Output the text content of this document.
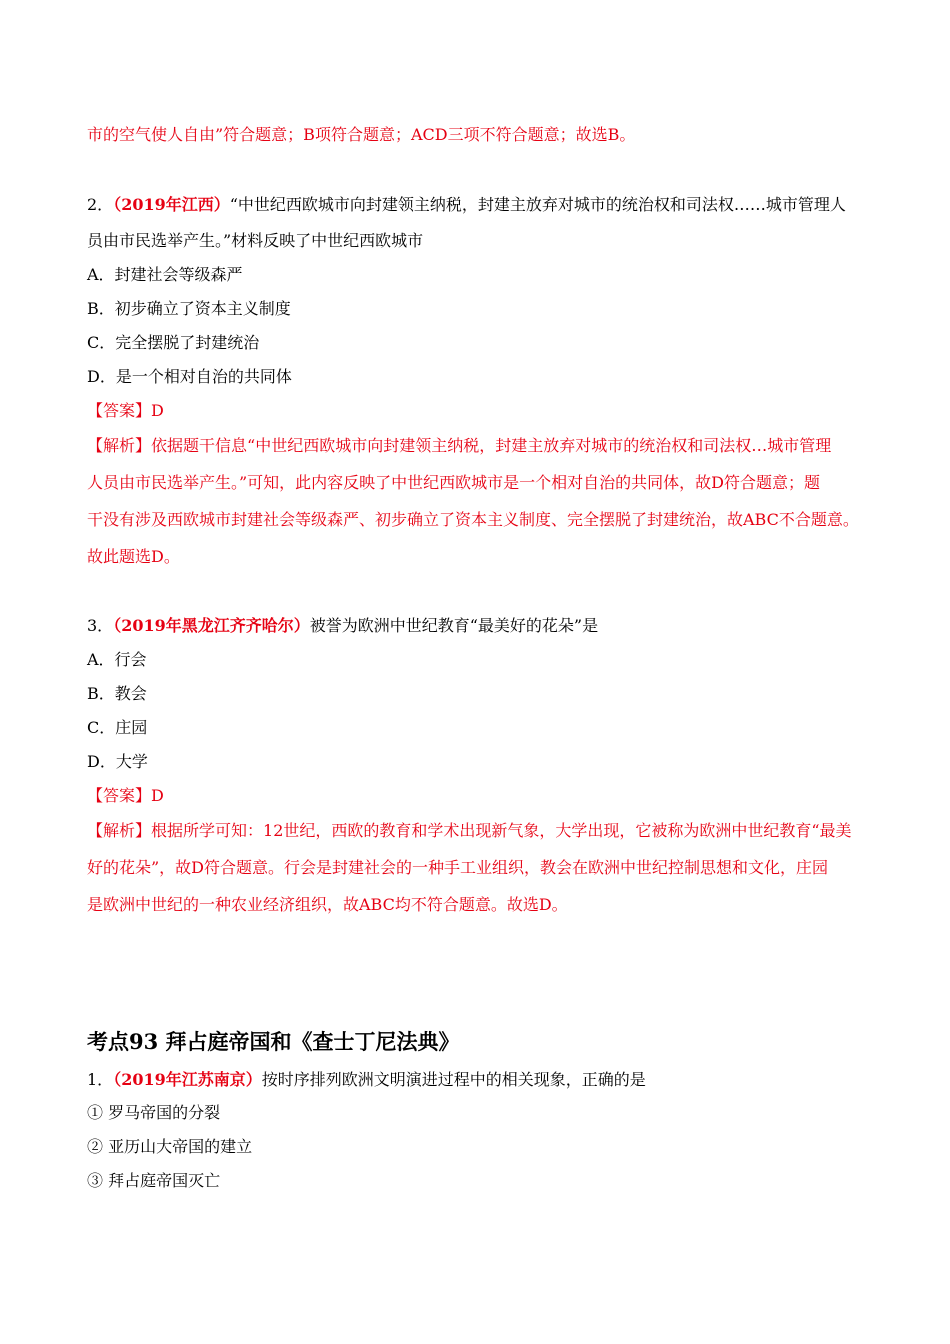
市的空气使人自由”符合题意；B项符合题意；ACD三项不符合题意；故选B。
2．（2019年江西）“中世纪西欧城市向封建领主纳税，封建主放弃对城市的统治权和司法权……城市管理人
员由市民选举产生。”材料反映了中世纪西欧城市
A．封建社会等级森严
B．初步确立了资本主义制度
C．完全摆脱了封建统治
D．是一个相对自治的共同体
【答案】D
【解析】依据题干信息“中世纪西欧城市向封建领主纳税，封建主放弃对城市的统治权和司法权…城市管理
人员由市民选举产生。”可知，此内容反映了中世纪西欧城市是一个相对自治的共同体，故D符合题意；题
干没有涉及西欧城市封建社会等级森严、初步确立了资本主义制度、完全摆脱了封建统治，故ABC不合题意。
故此题选D。
3．（2019年黑龙江齐齐哈尔）被誉为欧洲中世纪教育“最美好的花朵”是
A．行会
B．教会
C．庄园
D．大学
【答案】D
【解析】根据所学可知：12世纪，西欧的教育和学术出现新气象，大学出现，它被称为欧洲中世纪教育“最美
好的花朵”，故D符合题意。行会是封建社会的一种手工业组织，教会在欧洲中世纪控制思想和文化，庄园
是欧洲中世纪的一种农业经济组织，故ABC均不符合题意。故选D。
考点93 拜占庭帝国和《查士丁尼法典》
1．（2019年江苏南京）按时序排列欧洲文明演进过程中的相关现象，正确的是
① 罗马帝国的分裂
② 亚历山大帝国的建立
③ 拜占庭帝国灭亡
